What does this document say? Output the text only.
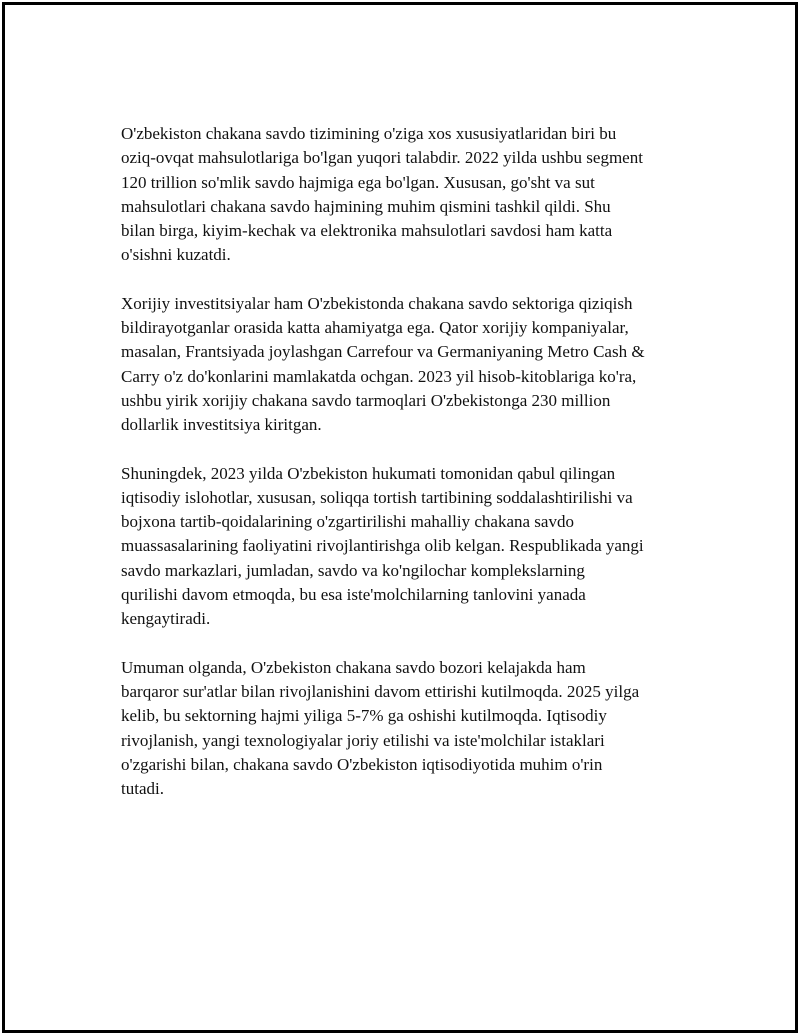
O'zbekiston chakana savdo tizimining o'ziga xos xususiyatlaridan biri bu
oziq-ovqat mahsulotlariga bo'lgan yuqori talabdir. 2022 yilda ushbu segment
120 trillion so'mlik savdo hajmiga ega bo'lgan. Xususan, go'sht va sut
mahsulotlari chakana savdo hajmining muhim qismini tashkil qildi. Shu
bilan birga, kiyim-kechak va elektronika mahsulotlari savdosi ham katta
o'sishni kuzatdi.

Xorijiy investitsiyalar ham O'zbekistonda chakana savdo sektoriga qiziqish
bildirayotganlar orasida katta ahamiyatga ega. Qator xorijiy kompaniyalar,
masalan, Frantsiyada joylashgan Carrefour va Germaniyaning Metro Cash &
Carry o'z do'konlarini mamlakatda ochgan. 2023 yil hisob-kitoblariga ko'ra,
ushbu yirik xorijiy chakana savdo tarmoqlari O'zbekistonga 230 million
dollarlik investitsiya kiritgan.

Shuningdek, 2023 yilda O'zbekiston hukumati tomonidan qabul qilingan
iqtisodiy islohotlar, xususan, soliqqa tortish tartibining soddalashtirilishi va
bojxona tartib-qoidalarining o'zgartirilishi mahalliy chakana savdo
muassasalarining faoliyatini rivojlantirishga olib kelgan. Respublikada yangi
savdo markazlari, jumladan, savdo va ko'ngilochar komplekslarning
qurilishi davom etmoqda, bu esa iste'molchilarning tanlovini yanada
kengaytiradi.

Umuman olganda, O'zbekiston chakana savdo bozori kelajakda ham
barqaror sur'atlar bilan rivojlanishini davom ettirishi kutilmoqda. 2025 yilga
kelib, bu sektorning hajmi yiliga 5-7% ga oshishi kutilmoqda. Iqtisodiy
rivojlanish, yangi texnologiyalar joriy etilishi va iste'molchilar istaklari
o'zgarishi bilan, chakana savdo O'zbekiston iqtisodiyotida muhim o'rin
tutadi.
